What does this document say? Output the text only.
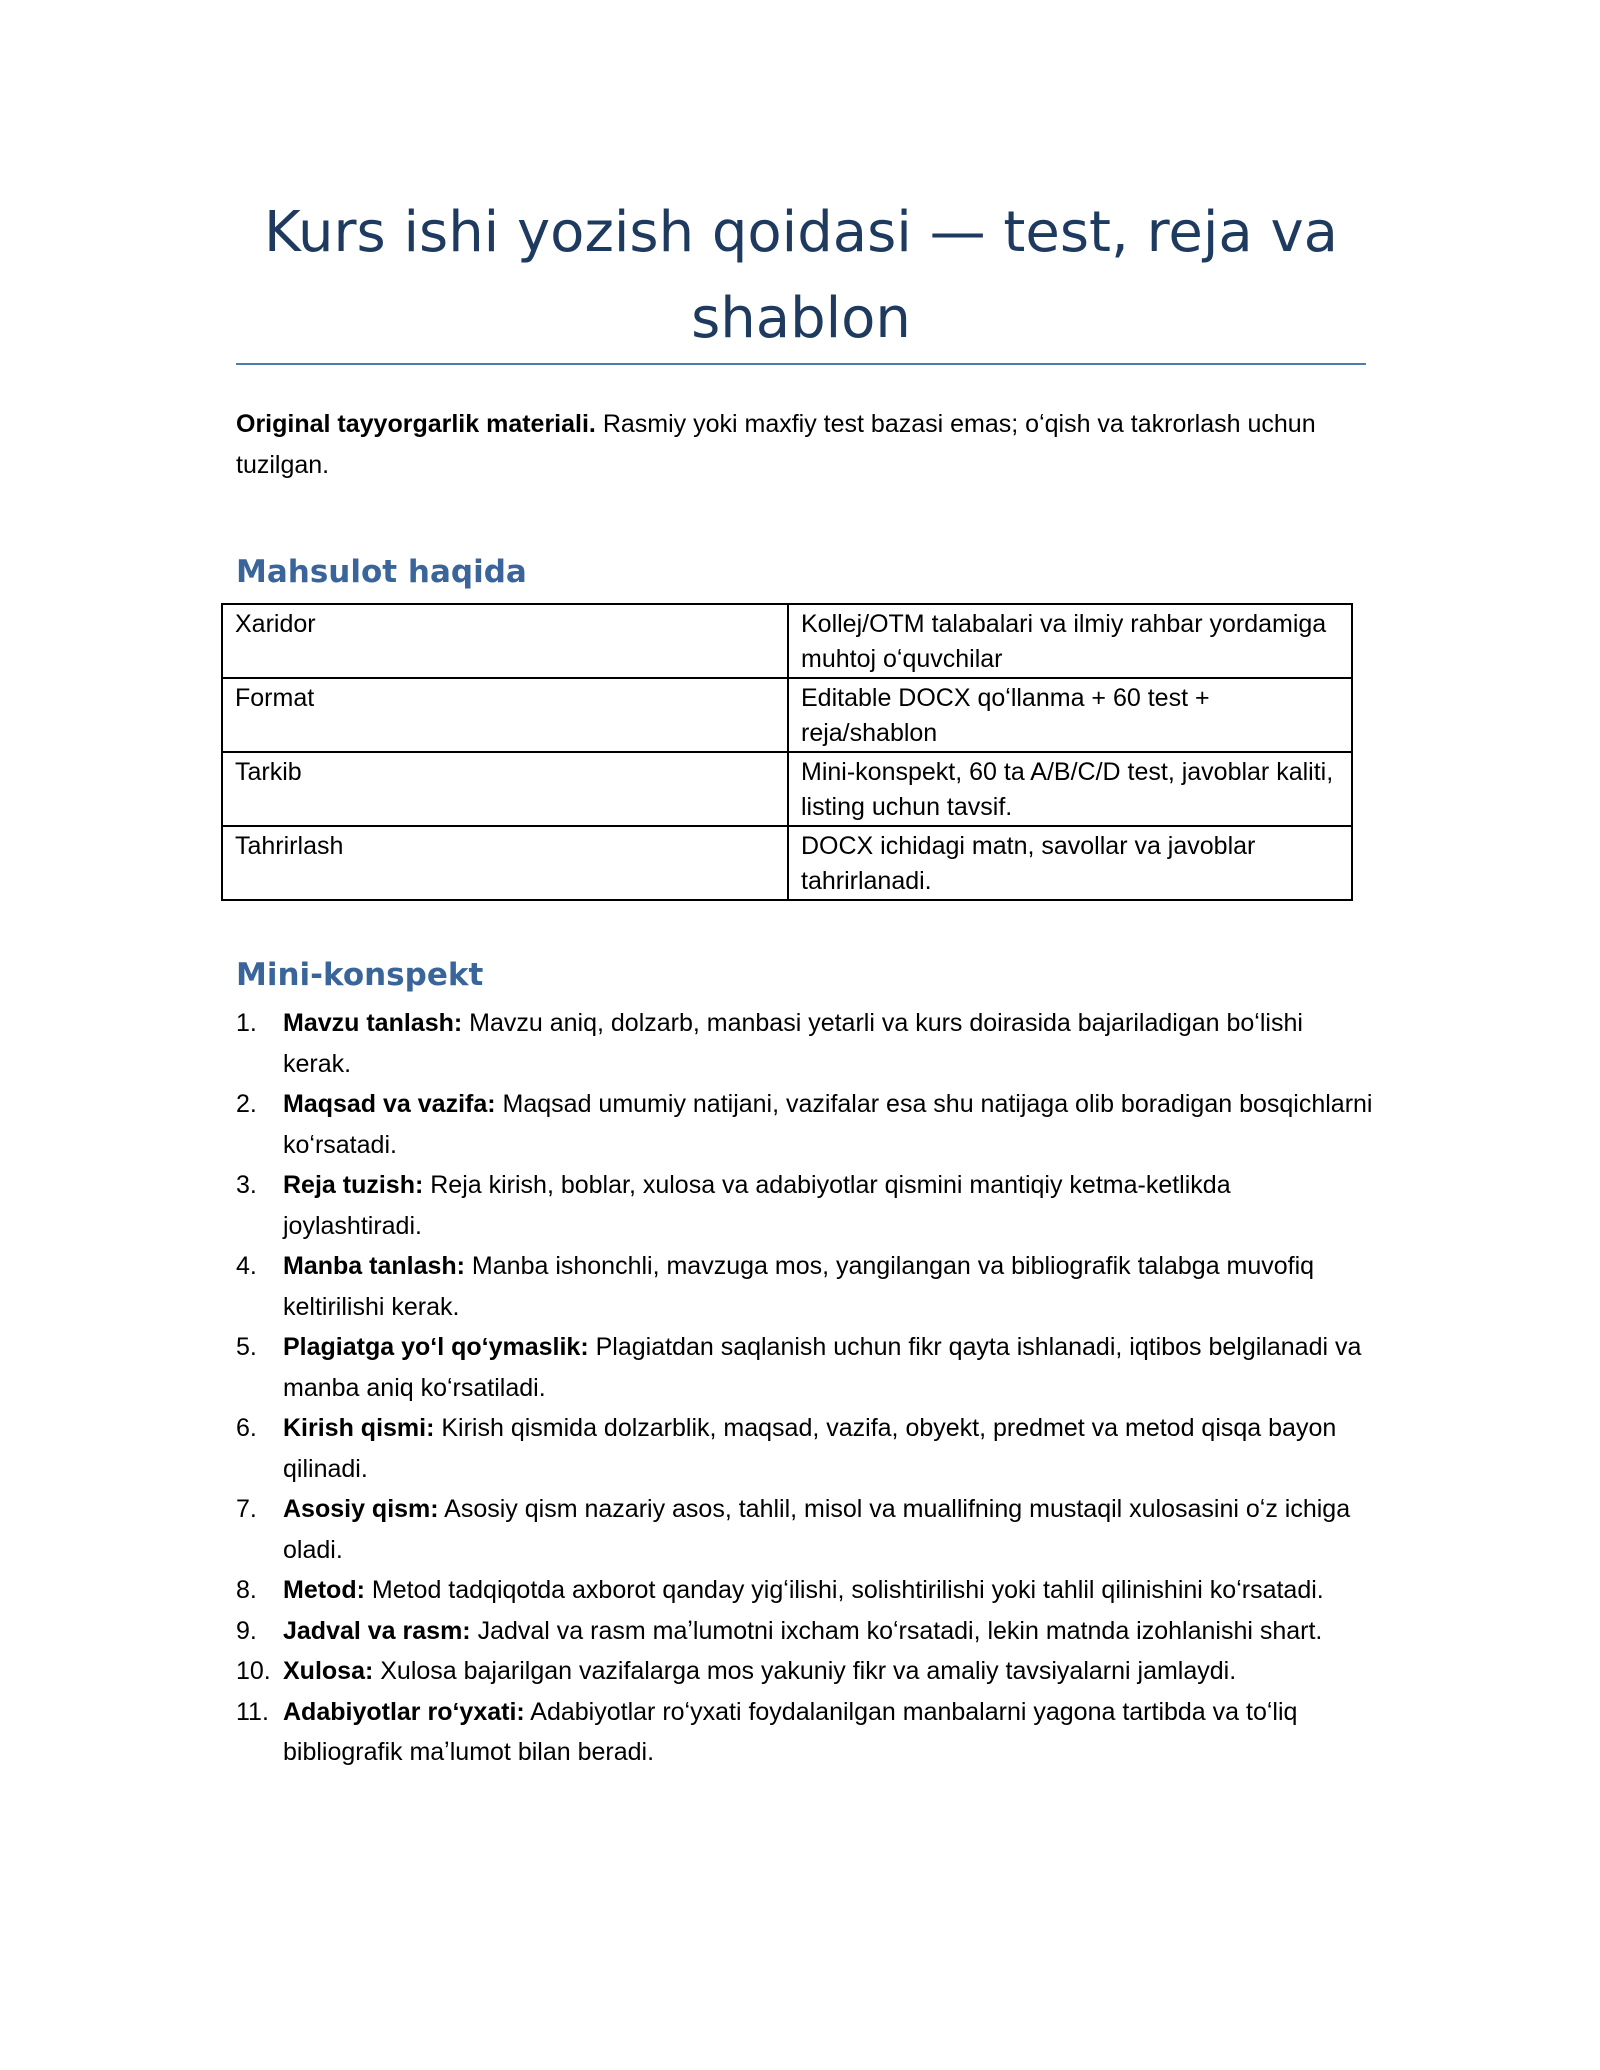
Kurs ishi yozish qoidasi — test, reja va shablon

Original tayyorgarlik materiali. Rasmiy yoki maxfiy test bazasi emas; oʻqish va takrorlash uchun tuzilgan.

Mahsulot haqida
Xaridor	Kollej/OTM talabalari va ilmiy rahbar yordamiga muhtoj oʻquvchilar
Format	Editable DOCX qoʻllanma + 60 test + reja/shablon
Tarkib	Mini-konspekt, 60 ta A/B/C/D test, javoblar kaliti, listing uchun tavsif.
Tahrirlash	DOCX ichidagi matn, savollar va javoblar tahrirlanadi.
Mini-konspekt
1. Mavzu tanlash: Mavzu aniq, dolzarb, manbasi yetarli va kurs doirasida bajariladigan boʻlishi kerak.
2. Maqsad va vazifa: Maqsad umumiy natijani, vazifalar esa shu natijaga olib boradigan bosqichlarni koʻrsatadi.
3. Reja tuzish: Reja kirish, boblar, xulosa va adabiyotlar qismini mantiqiy ketma-ketlikda joylashtiradi.
4. Manba tanlash: Manba ishonchli, mavzuga mos, yangilangan va bibliografik talabga muvofiq keltirilishi kerak.
5. Plagiatga yoʻl qoʻymaslik: Plagiatdan saqlanish uchun fikr qayta ishlanadi, iqtibos belgilanadi va manba aniq koʻrsatiladi.
6. Kirish qismi: Kirish qismida dolzarblik, maqsad, vazifa, obyekt, predmet va metod qisqa bayon qilinadi.
7. Asosiy qism: Asosiy qism nazariy asos, tahlil, misol va muallifning mustaqil xulosasini oʻz ichiga oladi.
8. Metod: Metod tadqiqotda axborot qanday yigʻilishi, solishtirilishi yoki tahlil qilinishini koʻrsatadi.
9. Jadval va rasm: Jadval va rasm maʼlumotni ixcham koʻrsatadi, lekin matnda izohlanishi shart.
10. Xulosa: Xulosa bajarilgan vazifalarga mos yakuniy fikr va amaliy tavsiyalarni jamlaydi.
11. Adabiyotlar roʻyxati: Adabiyotlar roʻyxati foydalanilgan manbalarni yagona tartibda va toʻliq bibliografik maʼlumot bilan beradi.
